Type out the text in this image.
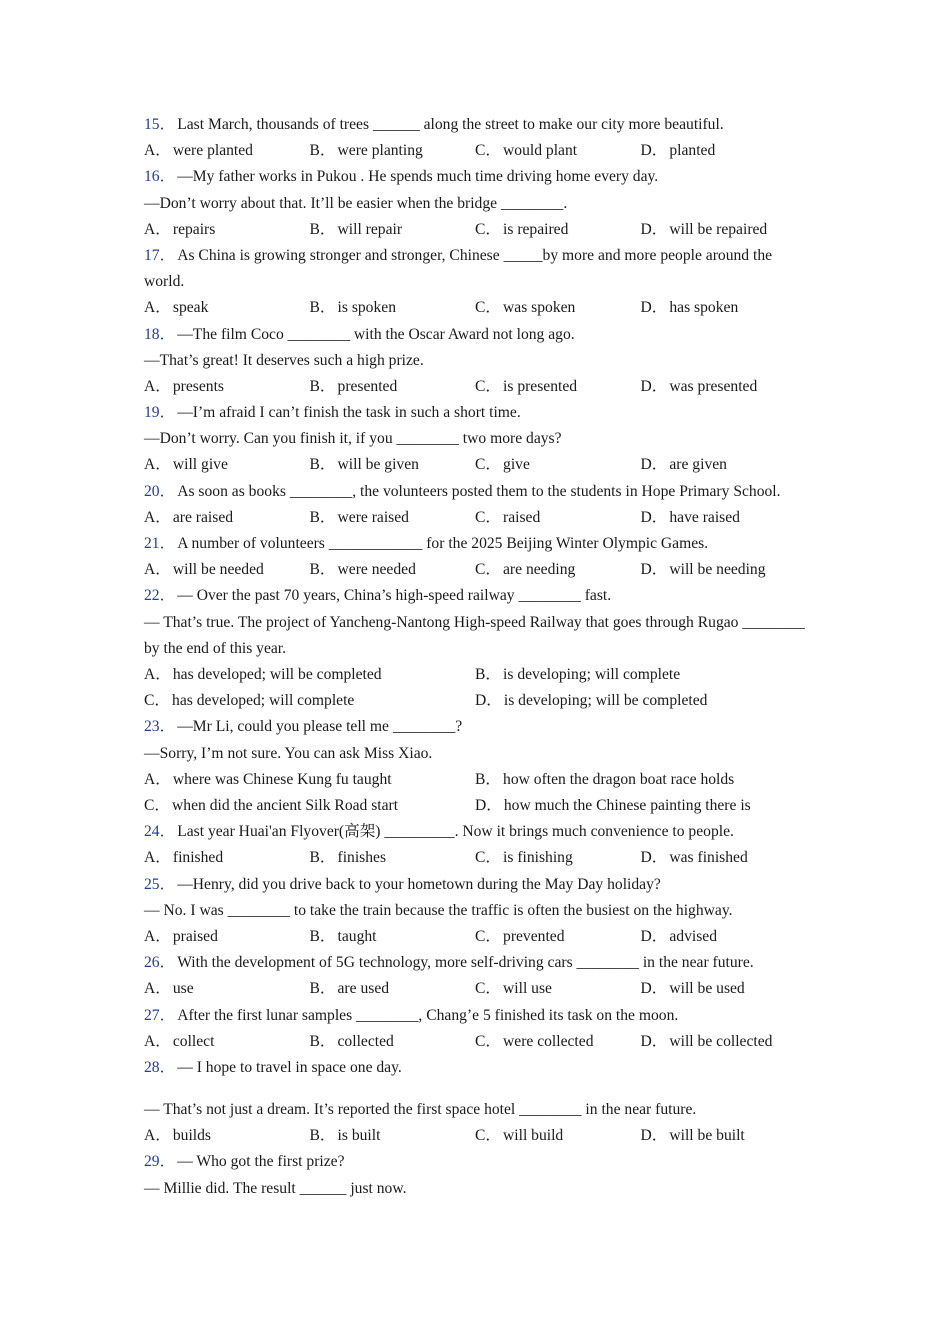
15 ． Last March, thousands of trees ______ along the street to make our city more beautiful.
A ． were planted	B ． were planting	C ． would plant	D ． planted
16 ． —My father works in Pukou . He spends much time driving home every day.
—Don’t worry about that. It’ll be easier when the bridge ________.
A ． repairs	B ． will repair	C ． is repaired	D ． will be repaired
17 ． As China is growing stronger and stronger, Chinese _____by more and more people around the world.
A ． speak	B ． is spoken	C ． was spoken	D ． has spoken
18 ． —The film Coco ________ with the Oscar Award not long ago.
—That’s great! It deserves such a high prize.
A ． presents	B ． presented	C ． is presented	D ． was presented
19 ． —I’m afraid I can’t finish the task in such a short time.
—Don’t worry. Can you finish it, if you ________ two more days?
A ． will give	B ． will be given	C ． give	D ． are given
20 ． As soon as books ________, the volunteers posted them to the students in Hope Primary School.
A ． are raised	B ． were raised	C ． raised	D ． have raised
21 ． A number of volunteers ____________ for the 2025 Beijing Winter Olympic Games.
A ． will be needed	B ． were needed	C ． are needing	D ． will be needing
22 ． — Over the past 70 years, China’s high-speed railway ________ fast.
— That’s true. The project of Yancheng-Nantong High-speed Railway that goes through Rugao ________ by the end of this year.
A ． has developed; will be completed	B ． is developing; will complete
C ． has developed; will complete	D ． is developing; will be completed
23 ． —Mr Li, could you please tell me ________?
—Sorry, I’m not sure. You can ask Miss Xiao.
A ． where was Chinese Kung fu taught	B ． how often the dragon boat race holds
C ． when did the ancient Silk Road start	D ． how much the Chinese painting there is
24 ． Last year Huai'an Flyover(高架) _________. Now it brings much convenience to people.
A ． finished	B ． finishes	C ． is finishing	D ． was finished
25 ． —Henry, did you drive back to your hometown during the May Day holiday?
— No. I was ________ to take the train because the traffic is often the busiest on the highway.
A ． praised	B ． taught	C ． prevented	D ． advised
26 ． With the development of 5G technology, more self-driving cars ________ in the near future.
A ． use	B ． are used	C ． will use	D ． will be used
27 ． After the first lunar samples ________, Chang’e 5 finished its task on the moon.
A ． collect	B ． collected	C ． were collected	D ． will be collected
28 ． — I hope to travel in space one day.
— That’s not just a dream. It’s reported the first space hotel ________ in the near future.
A ． builds	B ． is built	C ． will build	D ． will be built
29 ． — Who got the first prize?
— Millie did. The result ______ just now.
